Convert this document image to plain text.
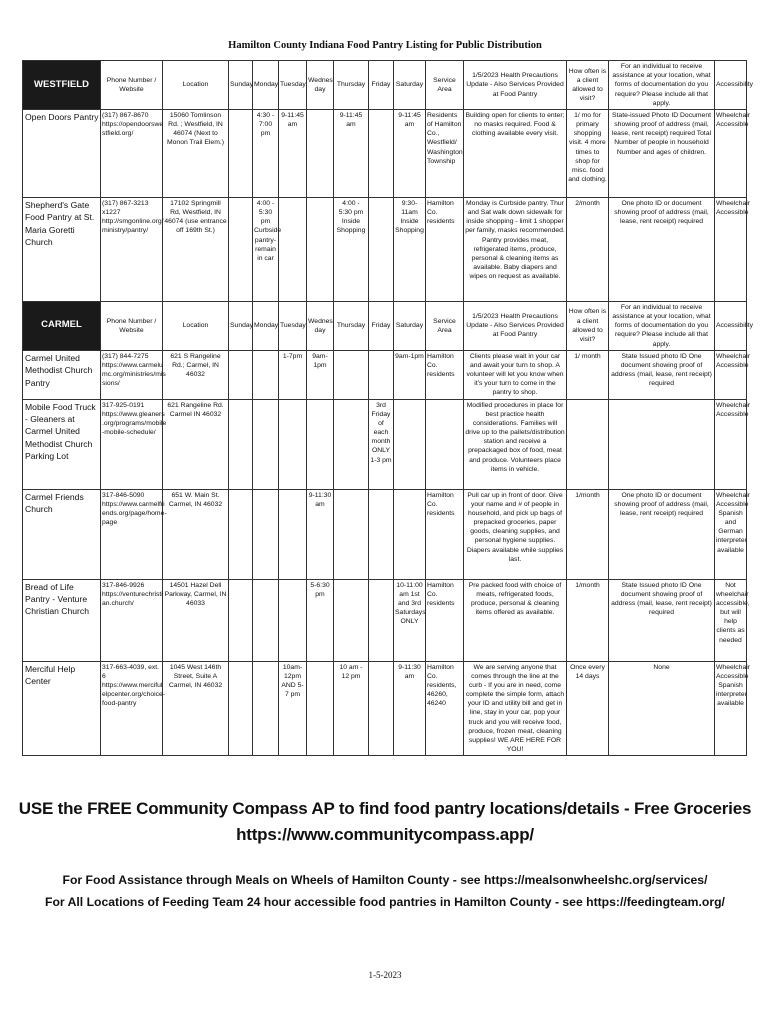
Hamilton County Indiana Food Pantry Listing for Public Distribution
WESTFIELD	Phone Number / Website	Location	Sunday	Monday	Tuesday	Wednes day	Thursday	Friday	Saturday	Service Area	1/5/2023 Health Precautions Update - Also Services Provided at Food Pantry	How often is a client allowed to visit?	For an individual to receive assistance at your location, what forms of documentation do you require? Please include all that apply.	Accessibility
Open Doors Pantry	(317) 867-8670 https://opendoorswe stfield.org/	15060 Tomlinson Rd. ; Westfield, IN 46074 (Next to Monon Trail Elem.)		4:30 - 7:00 pm	9-11:45 am		9-11:45 am		9-11:45 am	Residents of Hamilton Co., Westfield/ Washington Township	Building open for clients to enter; no masks required. Food & clothing available every visit.	1/ mo for primary shopping visit. 4 more times to shop for misc. food and clothing.	State-issued Photo ID Document showing proof of address (mail, lease, rent receipt) required Total Number of people in household Number and ages of children.	Wheelchair Accessible
Shepherd's Gate Food Pantry at St. Maria Goretti Church	(317) 867-3213 x1227 http://smgonline.org/ ministry/pantry/	17102 Springmill Rd, Westfield, IN 46074 (use entrance off 169th St.)		4:00 - 5:30 pm Curbside pantry- remain in car			4:00 - 5:30 pm Inside Shopping		9:30-11am Inside Shopping	Hamilton Co. residents	Monday is Curbside pantry. Thur and Sat walk down sidewalk for inside shopping - limit 1 shopper per family, masks recommended. Pantry provides meat, refrigerated items, produce, personal & cleaning items as available. Baby diapers and wipes on request as available.	2/month	One photo ID or document showing proof of address (mail, lease, rent receipt) required	Wheelchair Accessible
CARMEL	Phone Number / Website	Location	Sunday	Monday	Tuesday	Wednes day	Thursday	Friday	Saturday	Service Area	1/5/2023 Health Precautions Update - Also Services Provided at Food Pantry	How often is a client allowed to visit?	For an individual to receive assistance at your location, what forms of documentation do you require? Please include all that apply.	Accessibility
Carmel United Methodist Church Pantry	(317) 844-7275 https://www.carmelu mc.org/ministries/mis sions/	621 S Rangeline Rd.; Carmel, IN 46032			1-7pm	9am- 1pm			9am-1pm	Hamilton Co. residents	Clients please wait in your car and await your turn to shop. A volunteer will let you know when it's your turn to come in the pantry to shop.	1/ month	State Issued photo ID One document showing proof of address (mail, lease, rent receipt) required	Wheelchair Accessible
Mobile Food Truck - Gleaners at Carmel United Methodist Church Parking Lot	317-925-0191 https://www.gleaners .org/programs/mobile -mobile-schedule/	621 Rangeline Rd. Carmel IN 46032						3rd Friday of each month ONLY 1-3 pm			Modified procedures in place for best practice health considerations. Families will drive up to the pallets/distribution station and receive a prepackaged box of food, meat and produce. Volunteers place items in vehicle.			Wheelchair Accessible
Carmel Friends Church	317-846-5090 https://www.carmelfri ends.org/page/home- page	651 W. Main St. Carmel, IN 46032				9-11:30 am				Hamilton Co. residents	Pull car up in front of door. Give your name and # of people in household, and pick up bags of prepacked groceries, paper goods, cleaning supplies, and personal hygiene supplies. Diapers available while supplies last.	1/month	One photo ID or document showing proof of address (mail, lease, rent receipt) required	Wheelchair Accessible Spanish and German interpreter available
Bread of Life Pantry - Venture Christian Church	317-846-9926 https://venturechristi an.church/	14501 Hazel Dell Parkway, Carmel, IN 46033				5-6:30 pm			10-11:00 am 1st and 3rd Saturdays ONLY	Hamilton Co. residents	Pre packed food with choice of meats, refrigerated foods, produce, personal & cleaning items offered as available.	1/month	State Issued photo ID One document showing proof of address (mail, lease, rent receipt) required	Not wheelchair accessible, but will help clients as needed
Merciful Help Center	317-663-4039, ext. 6 https://www.merciful elpcenter.org/choice- food-pantry	1045 West 146th Street, Suite A Carmel, IN 46032			10am- 12pm AND 5-7 pm		10 am - 12 pm		9-11:30 am	Hamilton Co. residents, 46260, 46240	We are serving anyone that comes through the line at the curb - If you are in need, come complete the simple form, attach your ID and utility bill and get in line, stay in your car, pop your truck and you will receive food, produce, frozen meat, cleaning supplies! WE ARE HERE FOR YOU!	Once every 14 days	None	Wheelchair Accessible Spanish interpreter available
USE the FREE Community Compass AP to find food pantry locations/details - Free Groceries
https://www.communitycompass.app/
For Food Assistance through Meals on Wheels of Hamilton County - see https://mealsonwheelshc.org/services/
For All Locations of Feeding Team 24 hour accessible food pantries in Hamilton County - see https://feedingteam.org/
1-5-2023
